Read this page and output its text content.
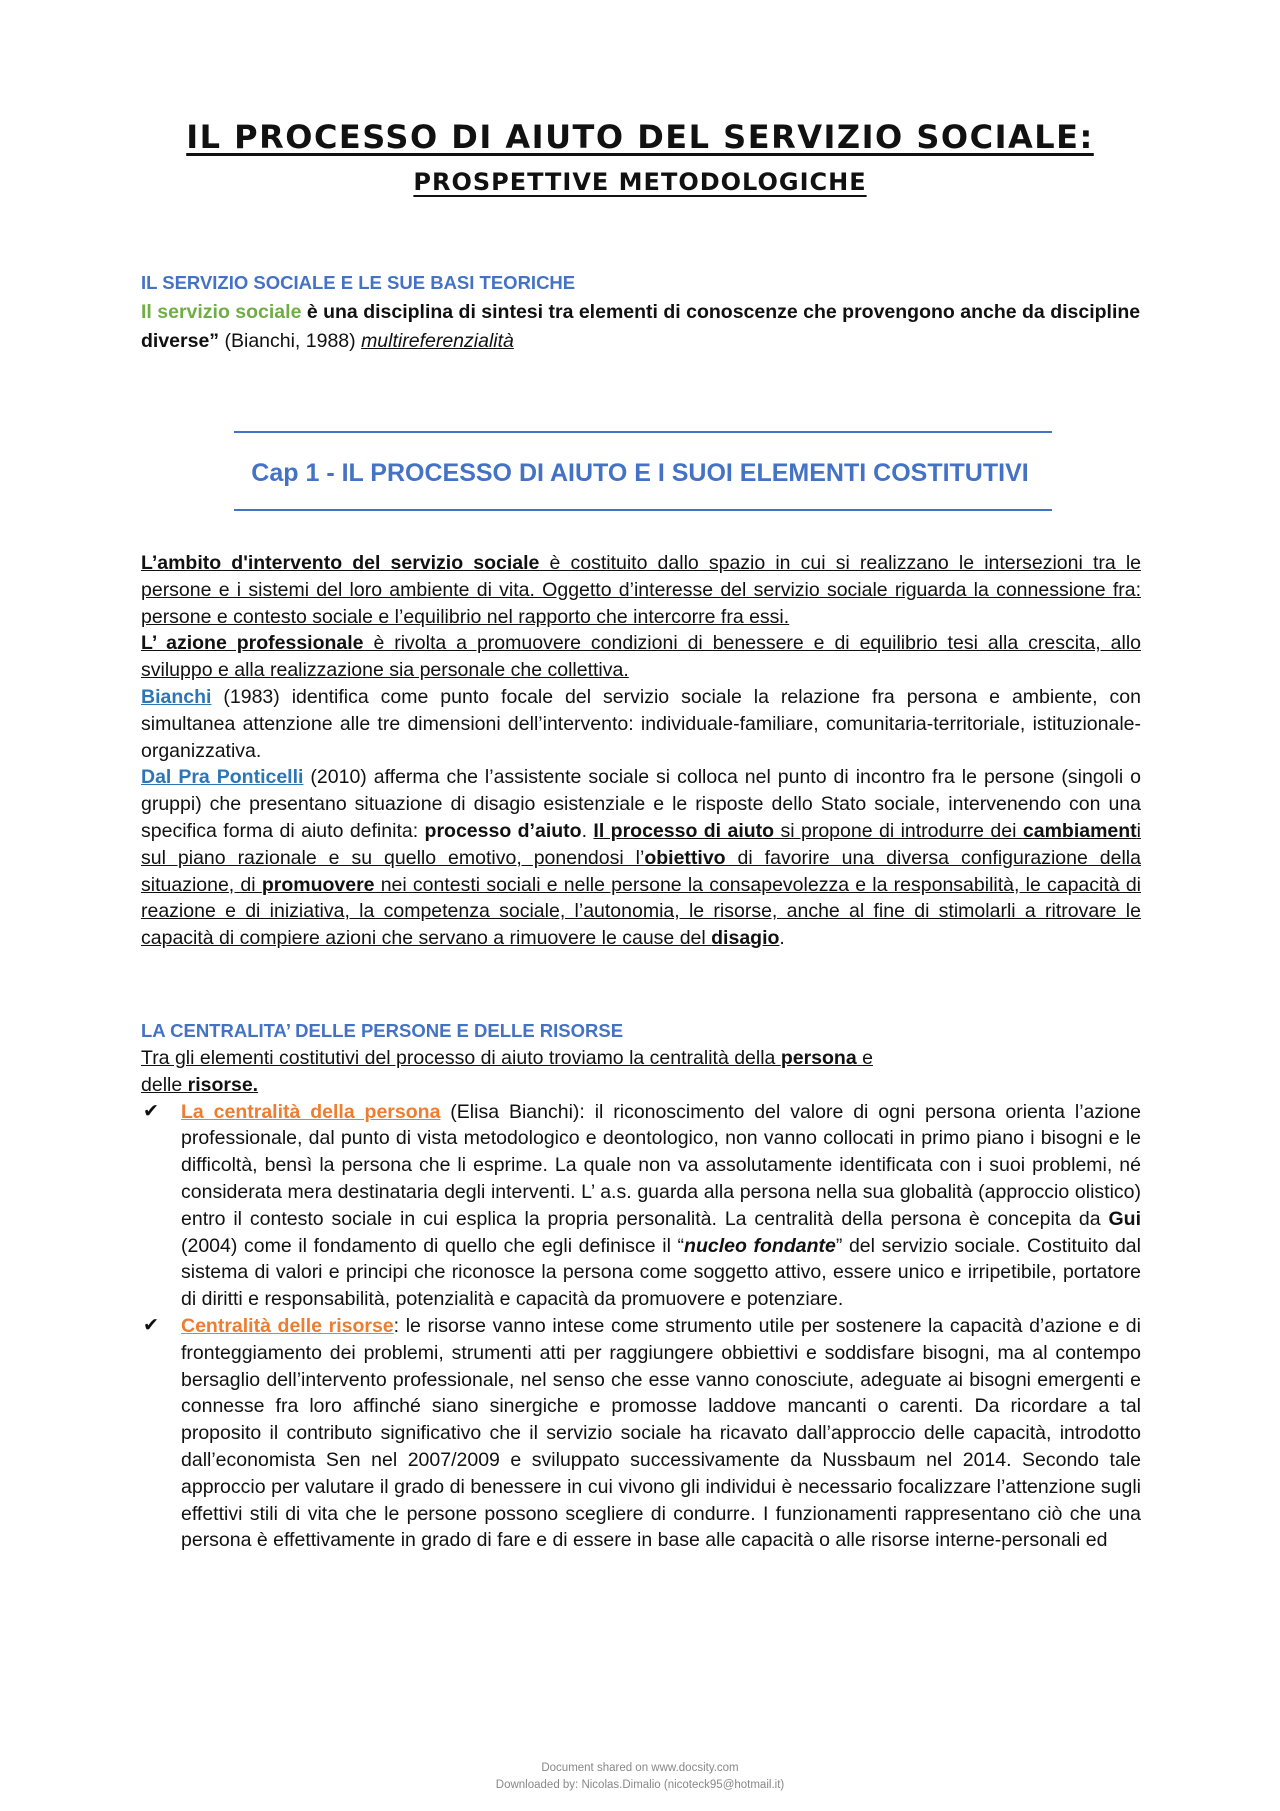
IL PROCESSO DI AIUTO DEL SERVIZIO SOCIALE:
PROSPETTIVE METODOLOGICHE
IL SERVIZIO SOCIALE E LE SUE BASI TEORICHE
Il servizio sociale è una disciplina di sintesi tra elementi di conoscenze che provengono anche da discipline diverse” (Bianchi, 1988) multireferenzialità
Cap 1 - IL PROCESSO DI AIUTO E I SUOI ELEMENTI COSTITUTIVI

L’ambito d'intervento del servizio sociale è costituito dallo spazio in cui si realizzano le intersezioni tra le persone e i sistemi del loro ambiente di vita. Oggetto d’interesse del servizio sociale riguarda la connessione fra: persone e contesto sociale e l’equilibrio nel rapporto che intercorre fra essi.

L’ azione professionale è rivolta a promuovere condizioni di benessere e di equilibrio tesi alla crescita, allo sviluppo e alla realizzazione sia personale che collettiva.

Bianchi (1983) identifica come punto focale del servizio sociale la relazione fra persona e ambiente, con simultanea attenzione alle tre dimensioni dell’intervento: individuale-familiare, comunitaria-territoriale, istituzionale-organizzativa.

Dal Pra Ponticelli (2010) afferma che l’assistente sociale si colloca nel punto di incontro fra le persone (singoli o gruppi) che presentano situazione di disagio esistenziale e le risposte dello Stato sociale, intervenendo con una specifica forma di aiuto definita: processo d’aiuto. Il processo di aiuto si propone di introdurre dei cambiamenti sul piano razionale e su quello emotivo, ponendosi l’obiettivo di favorire una diversa configurazione della situazione, di promuovere nei contesti sociali e nelle persone la consapevolezza e la responsabilità, le capacità di reazione e di iniziativa, la competenza sociale, l’autonomia, le risorse, anche al fine di stimolarli a ritrovare le capacità di compiere azioni che servano a rimuovere le cause del disagio.

LA CENTRALITA’ DELLE PERSONE E DELLE RISORSE
Tra gli elementi costitutivi del processo di aiuto troviamo la centralità della persona e
delle risorse.
✔ La centralità della persona (Elisa Bianchi): il riconoscimento del valore di ogni persona orienta l’azione professionale, dal punto di vista metodologico e deontologico, non vanno collocati in primo piano i bisogni e le difficoltà, bensì la persona che li esprime. La quale non va assolutamente identificata con i suoi problemi, né considerata mera destinataria degli interventi. L’ a.s. guarda alla persona nella sua globalità (approccio olistico) entro il contesto sociale in cui esplica la propria personalità. La centralità della persona è concepita da Gui (2004) come il fondamento di quello che egli definisce il “nucleo fondante” del servizio sociale. Costituito dal sistema di valori e principi che riconosce la persona come soggetto attivo, essere unico e irripetibile, portatore di diritti e responsabilità, potenzialità e capacità da promuovere e potenziare.
✔ Centralità delle risorse: le risorse vanno intese come strumento utile per sostenere la capacità d’azione e di fronteggiamento dei problemi, strumenti atti per raggiungere obbiettivi e soddisfare bisogni, ma al contempo bersaglio dell’intervento professionale, nel senso che esse vanno conosciute, adeguate ai bisogni emergenti e connesse fra loro affinché siano sinergiche e promosse laddove mancanti o carenti. Da ricordare a tal proposito il contributo significativo che il servizio sociale ha ricavato dall’approccio delle capacità, introdotto dall’economista Sen nel 2007/2009 e sviluppato successivamente da Nussbaum nel 2014. Secondo tale approccio per valutare il grado di benessere in cui vivono gli individui è necessario focalizzare l’attenzione sugli effettivi stili di vita che le persone possono scegliere di condurre. I funzionamenti rappresentano ciò che una persona è effettivamente in grado di fare e di essere in base alle capacità o alle risorse interne-personali ed
Document shared on www.docsity.com
Downloaded by: Nicolas.Dimalio (nicoteck95@hotmail.it)
